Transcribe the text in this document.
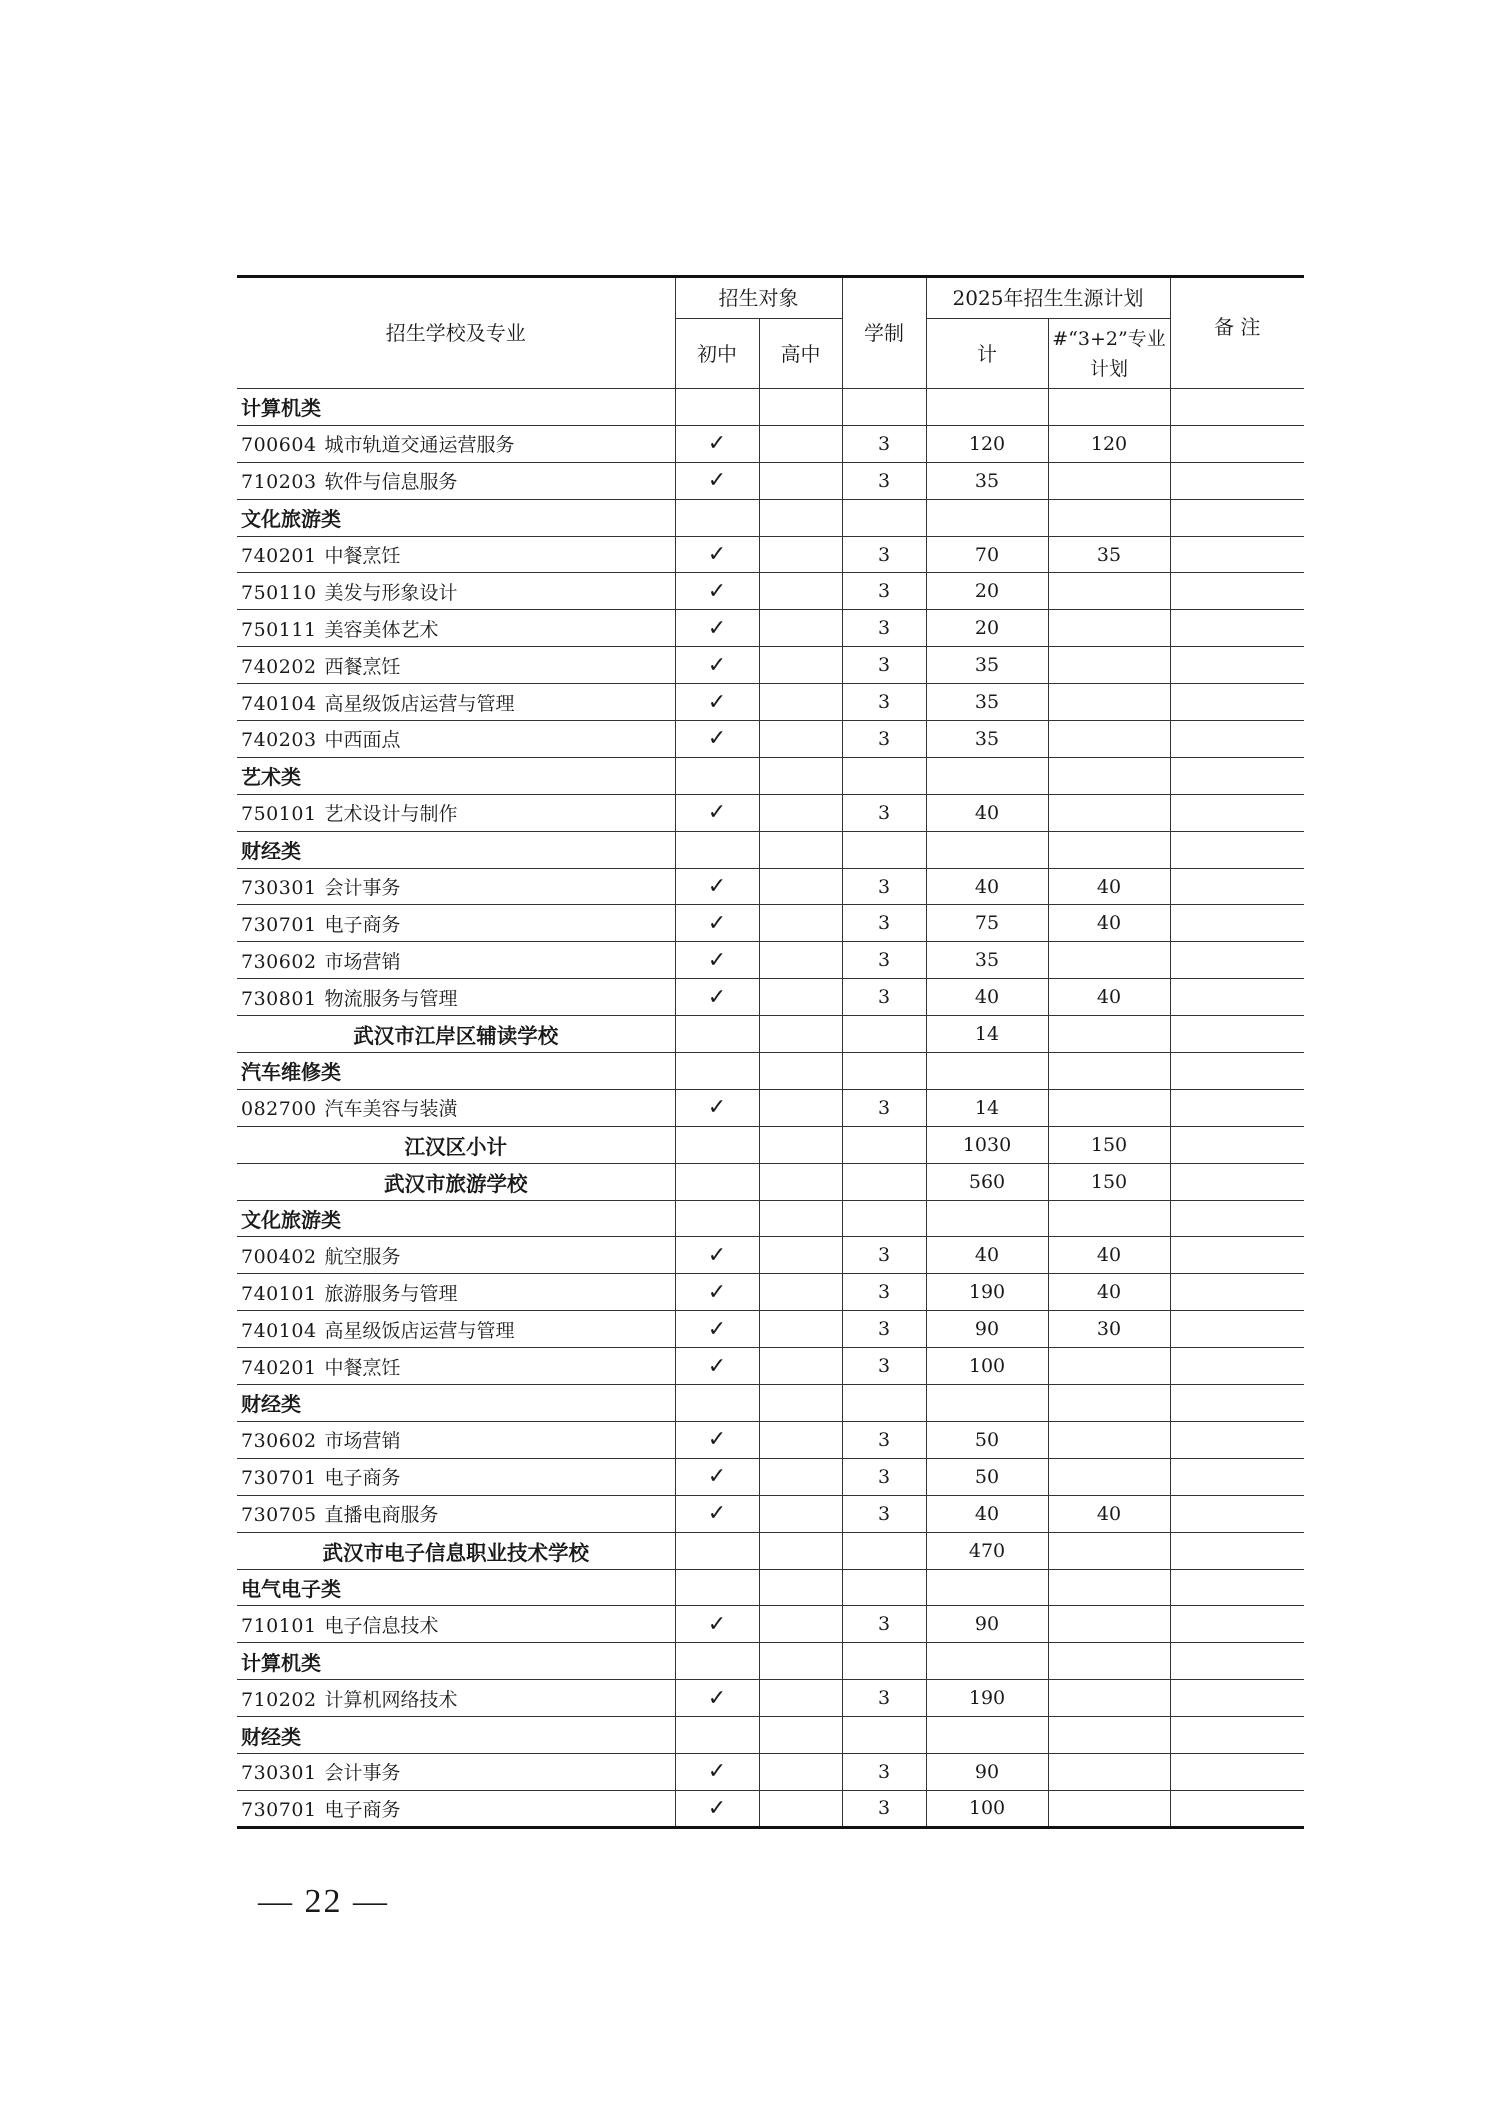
招生学校及专业	招生对象		学制	2025年招生生源计划		备 注
	初中	高中		计	#“3+2”专业计划	
计算机类						
700604 城市轨道交通运营服务	✓		3	120	120	
710203 软件与信息服务	✓		3	35		
文化旅游类						
740201 中餐烹饪	✓		3	70	35	
750110 美发与形象设计	✓		3	20		
750111 美容美体艺术	✓		3	20		
740202 西餐烹饪	✓		3	35		
740104 高星级饭店运营与管理	✓		3	35		
740203 中西面点	✓		3	35		
艺术类						
750101 艺术设计与制作	✓		3	40		
财经类						
730301 会计事务	✓		3	40	40	
730701 电子商务	✓		3	75	40	
730602 市场营销	✓		3	35		
730801 物流服务与管理	✓		3	40	40	
武汉市江岸区辅读学校				14		
汽车维修类						
082700 汽车美容与装潢	✓		3	14		
江汉区小计				1030	150	
武汉市旅游学校				560	150	
文化旅游类						
700402 航空服务	✓		3	40	40	
740101 旅游服务与管理	✓		3	190	40	
740104 高星级饭店运营与管理	✓		3	90	30	
740201 中餐烹饪	✓		3	100		
财经类						
730602 市场营销	✓		3	50		
730701 电子商务	✓		3	50		
730705 直播电商服务	✓		3	40	40	
武汉市电子信息职业技术学校				470		
电气电子类						
710101 电子信息技术	✓		3	90		
计算机类						
710202 计算机网络技术	✓		3	190		
财经类						
730301 会计事务	✓		3	90		
730701 电子商务	✓		3	100		
— 22 —
